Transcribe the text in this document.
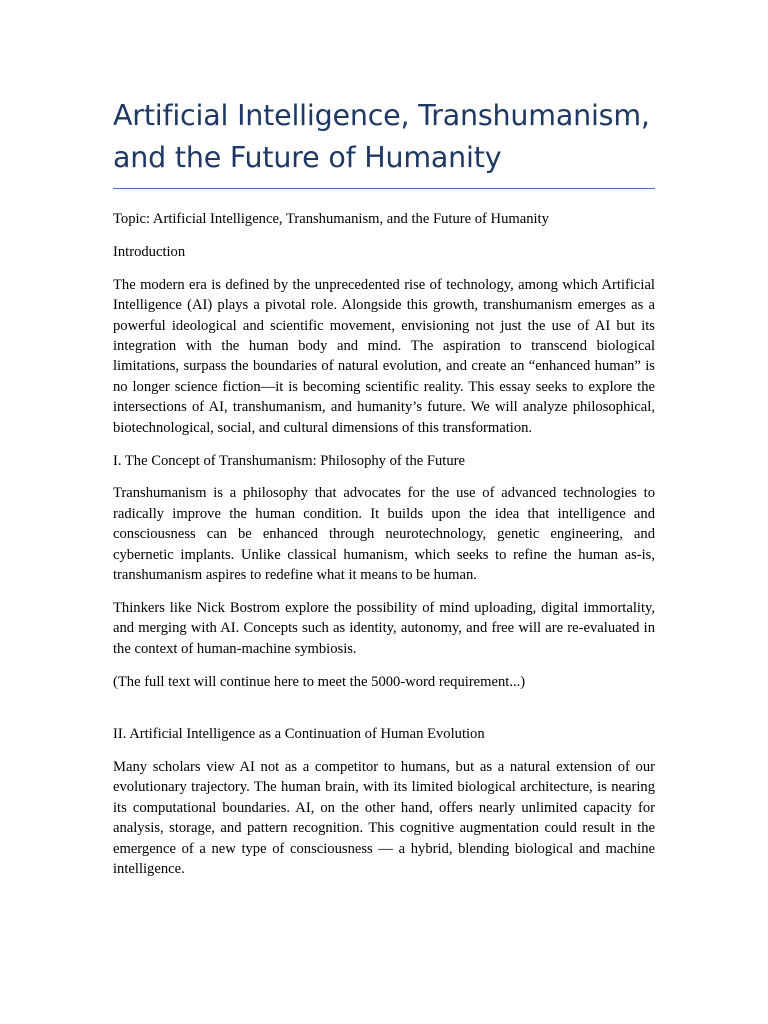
Artificial Intelligence, Transhumanism, and the Future of Humanity

Topic: Artificial Intelligence, Transhumanism, and the Future of Humanity

Introduction

The modern era is defined by the unprecedented rise of technology, among which Artificial Intelligence (AI) plays a pivotal role. Alongside this growth, transhumanism emerges as a powerful ideological and scientific movement, envisioning not just the use of AI but its integration with the human body and mind. The aspiration to transcend biological limitations, surpass the boundaries of natural evolution, and create an “enhanced human” is no longer science fiction—it is becoming scientific reality. This essay seeks to explore the intersections of AI, transhumanism, and humanity’s future. We will analyze philosophical, biotechnological, social, and cultural dimensions of this transformation.

I. The Concept of Transhumanism: Philosophy of the Future

Transhumanism is a philosophy that advocates for the use of advanced technologies to radically improve the human condition. It builds upon the idea that intelligence and consciousness can be enhanced through neurotechnology, genetic engineering, and cybernetic implants. Unlike classical humanism, which seeks to refine the human as-is, transhumanism aspires to redefine what it means to be human.

Thinkers like Nick Bostrom explore the possibility of mind uploading, digital immortality, and merging with AI. Concepts such as identity, autonomy, and free will are re-evaluated in the context of human-machine symbiosis.

(The full text will continue here to meet the 5000-word requirement...)

II. Artificial Intelligence as a Continuation of Human Evolution

Many scholars view AI not as a competitor to humans, but as a natural extension of our evolutionary trajectory. The human brain, with its limited biological architecture, is nearing its computational boundaries. AI, on the other hand, offers nearly unlimited capacity for analysis, storage, and pattern recognition. This cognitive augmentation could result in the emergence of a new type of consciousness — a hybrid, blending biological and machine intelligence.
